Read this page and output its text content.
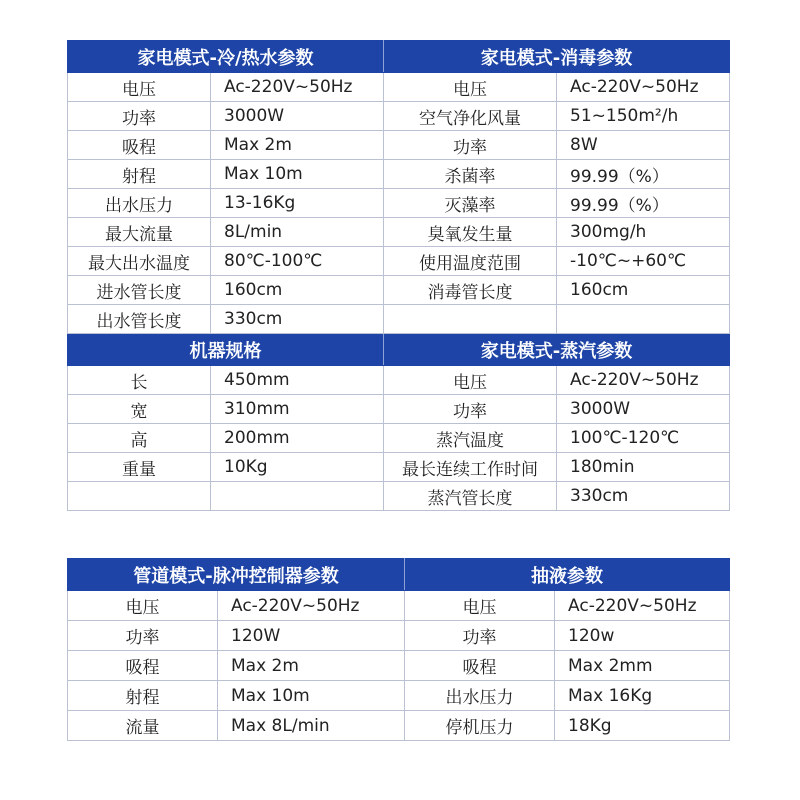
家电模式-冷/热水参数		家电模式-消毒参数	
电压	Ac-220V~50Hz	电压	Ac-220V~50Hz
功率	3000W	空气净化风量	51~150m²/h
吸程	Max 2m	功率	8W
射程	Max 10m	杀菌率	99.99（%）
出水压力	13-16Kg	灭藻率	99.99（%）
最大流量	8L/min	臭氧发生量	300mg/h
最大出水温度	80℃-100℃	使用温度范围	-10℃~+60℃
进水管长度	160cm	消毒管长度	160cm
出水管长度	330cm		
机器规格		家电模式-蒸汽参数	
长	450mm	电压	Ac-220V~50Hz
宽	310mm	功率	3000W
高	200mm	蒸汽温度	100℃-120℃
重量	10Kg	最长连续工作时间	180min
		蒸汽管长度	330cm
管道模式-脉冲控制器参数		抽液参数	
电压	Ac-220V~50Hz	电压	Ac-220V~50Hz
功率	120W	功率	120w
吸程	Max 2m	吸程	Max 2mm
射程	Max 10m	出水压力	Max 16Kg
流量	Max 8L/min	停机压力	18Kg
